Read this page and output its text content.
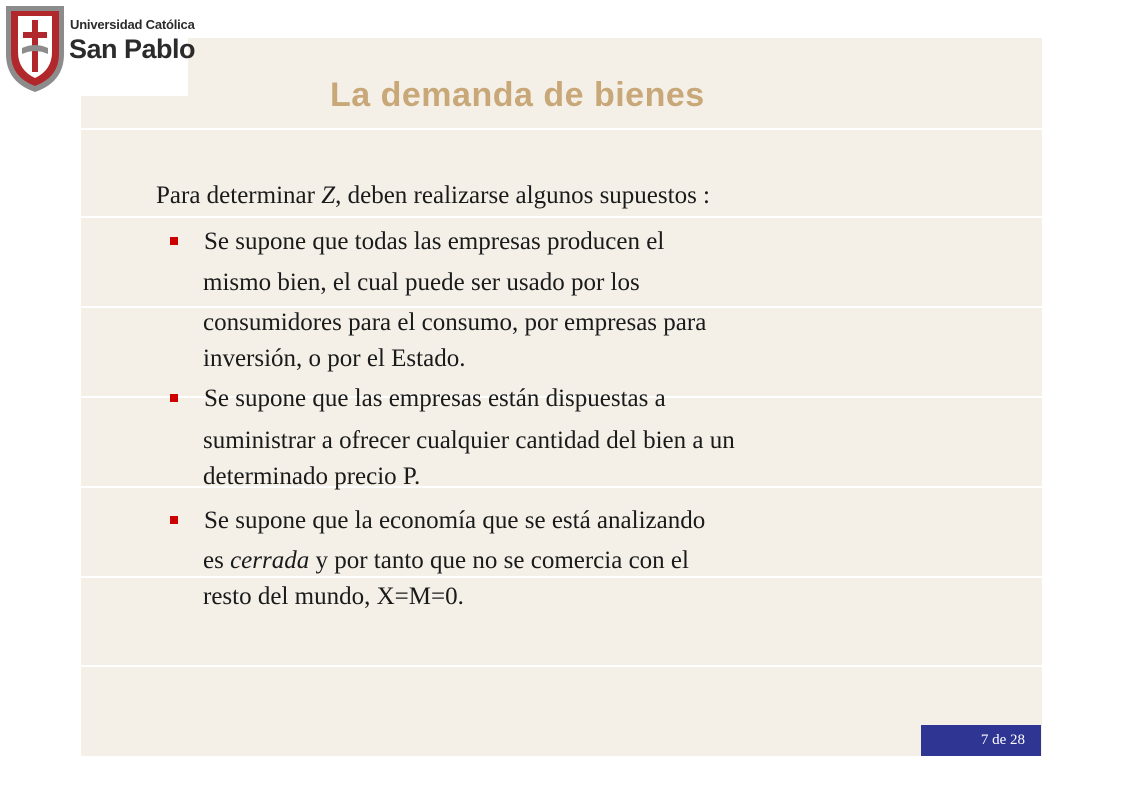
Universidad Católica
San Pablo
La demanda de bienes
Para determinar Z, deben realizarse algunos supuestos :
Se supone que todas las empresas producen el
mismo bien, el cual puede ser usado por los
consumidores para el consumo, por empresas para
inversión, o por el Estado.
Se supone que las empresas están dispuestas a
suministrar a ofrecer cualquier cantidad del bien a un
determinado precio P.
Se supone que la economía que se está analizando
es cerrada y por tanto que no se comercia con el
resto del mundo, X=M=0.
7 de 28
